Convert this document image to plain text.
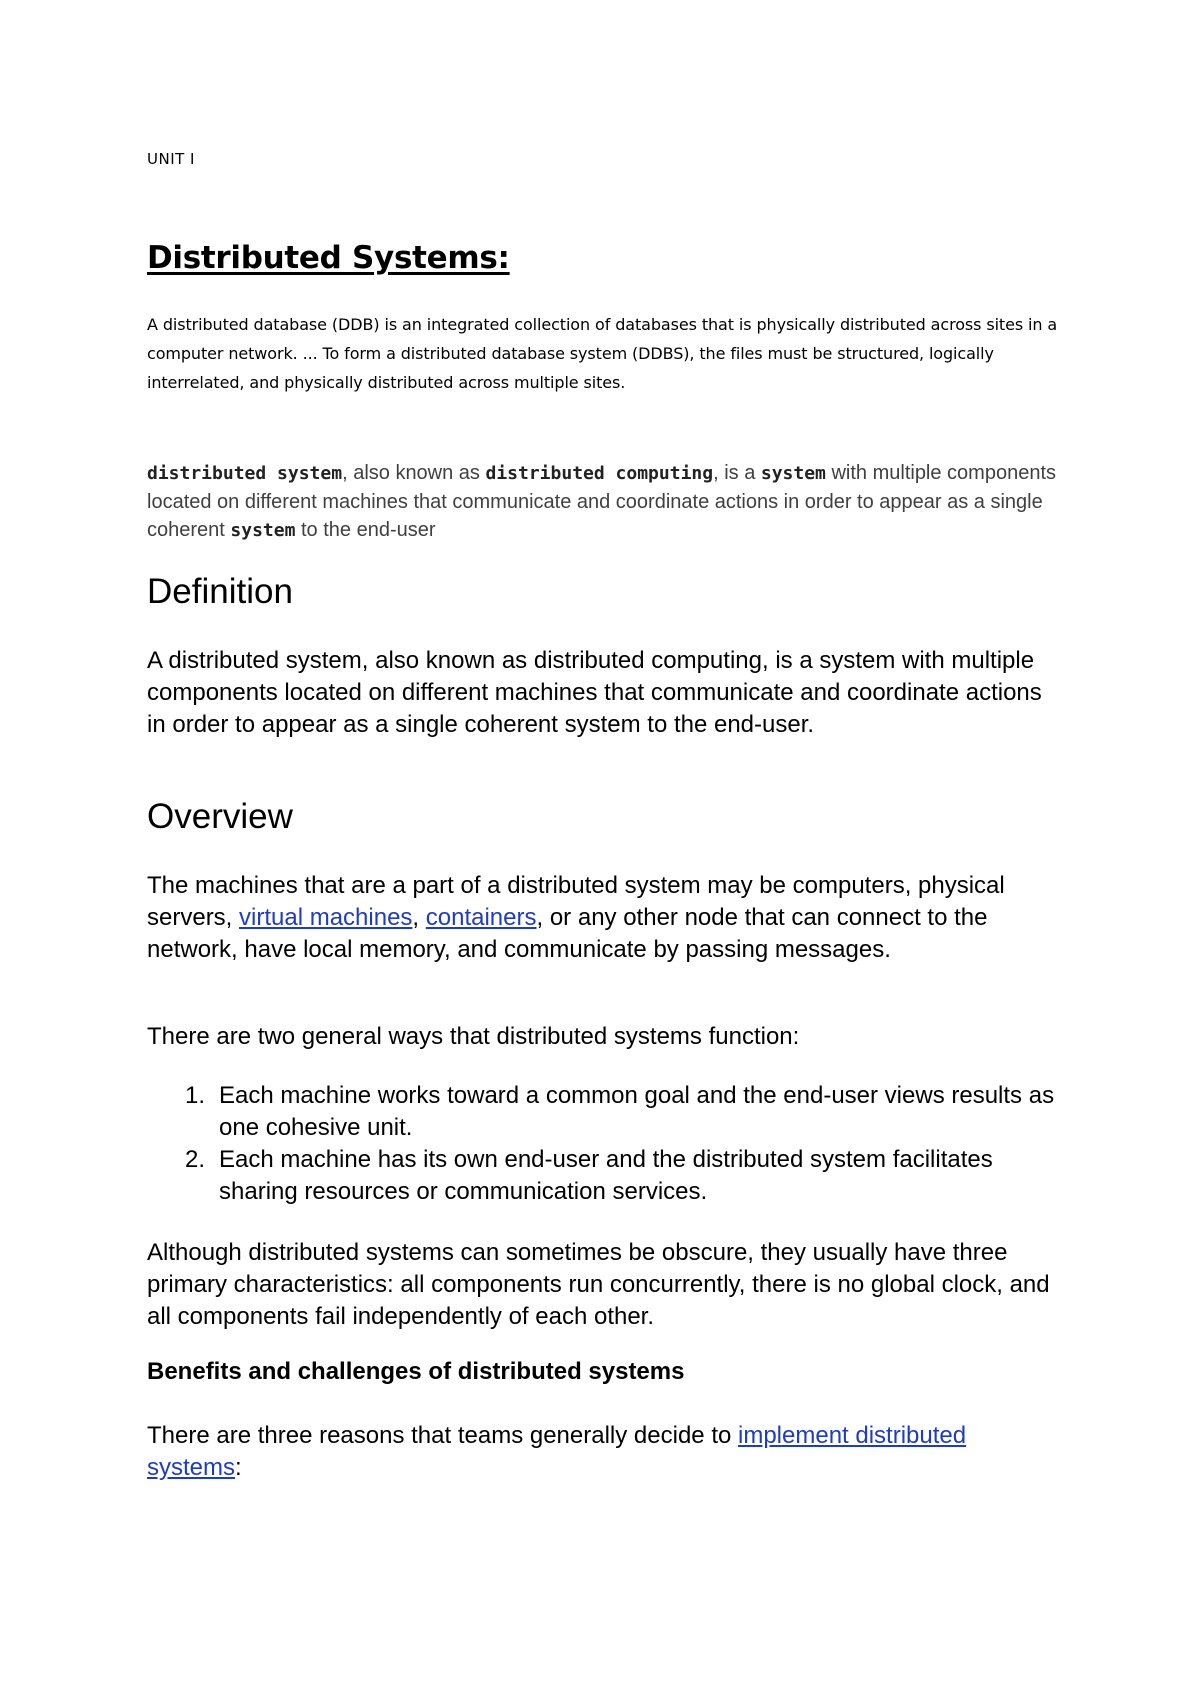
UNIT I
Distributed Systems:

A distributed database (DDB) is an integrated collection of databases that is physically distributed across sites in a computer network. ... To form a distributed database system (DDBS), the files must be structured, logically interrelated, and physically distributed across multiple sites.

distributed system, also known as distributed computing, is a system with multiple components located on different machines that communicate and coordinate actions in order to appear as a single coherent system to the end-user

Definition

A distributed system, also known as distributed computing, is a system with multiple components located on different machines that communicate and coordinate actions in order to appear as a single coherent system to the end-user.

Overview

The machines that are a part of a distributed system may be computers, physical servers, virtual machines, containers, or any other node that can connect to the network, have local memory, and communicate by passing messages.

There are two general ways that distributed systems function:

1. Each machine works toward a common goal and the end-user views results as one cohesive unit.
2. Each machine has its own end-user and the distributed system facilitates sharing resources or communication services.

Although distributed systems can sometimes be obscure, they usually have three primary characteristics: all components run concurrently, there is no global clock, and all components fail independently of each other.

Benefits and challenges of distributed systems

There are three reasons that teams generally decide to implement distributed systems:
